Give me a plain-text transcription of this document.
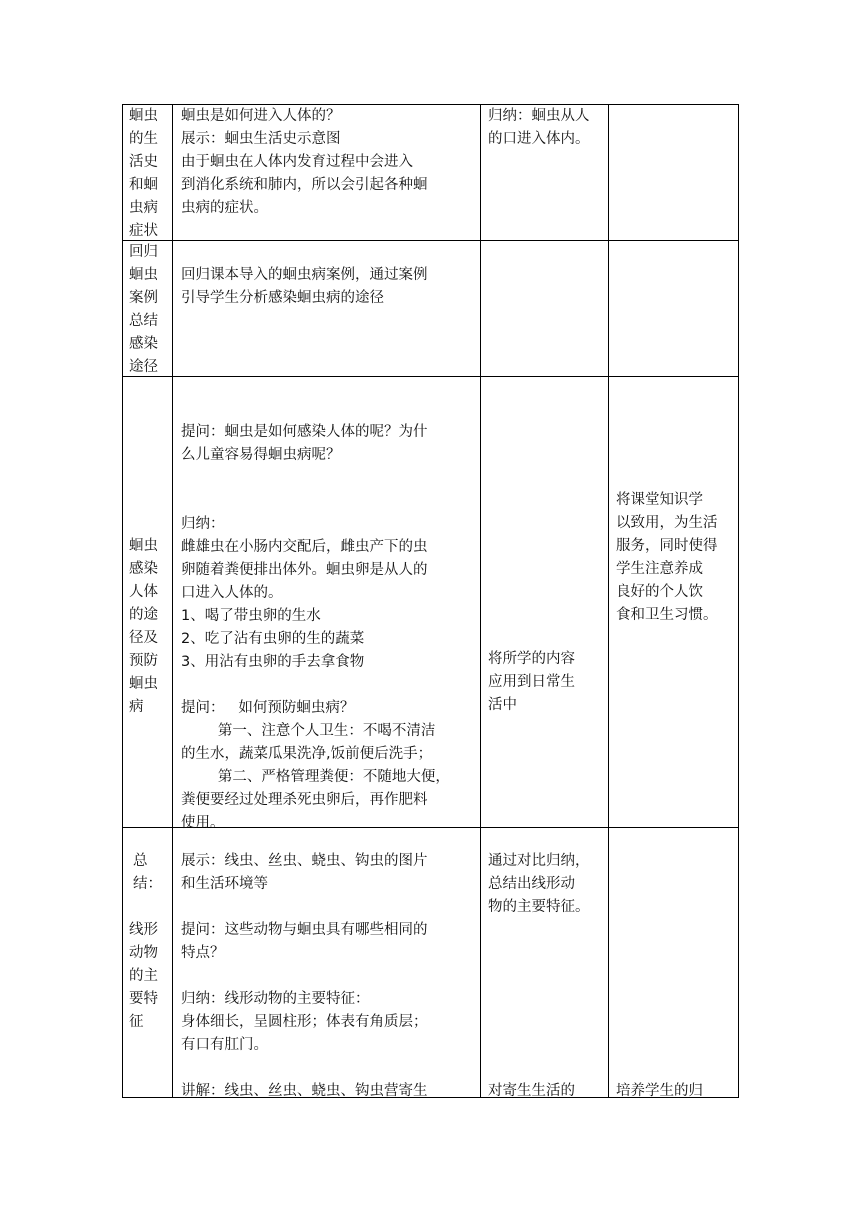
蛔虫
的生
活史
和蛔
虫病
症状
蛔虫是如何进入人体的？
展示：蛔虫生活史示意图
由于蛔虫在人体内发育过程中会进入
到消化系统和肺内，所以会引起各种蛔
虫病的症状。
归纳：蛔虫从人
的口进入体内。
回归
蛔虫
案例
总结
感染
途径
回归课本导入的蛔虫病案例，通过案例
引导学生分析感染蛔虫病的途径
蛔虫
感染
人体
的途
径及
预防
蛔虫
病
提问：蛔虫是如何感染人体的呢？为什
么儿童容易得蛔虫病呢？
归纳：
雌雄虫在小肠内交配后，雌虫产下的虫
卵随着粪便排出体外。蛔虫卵是从人的
口进入人体的。
1、喝了带虫卵的生水
2、吃了沾有虫卵的生的蔬菜
3、用沾有虫卵的手去拿食物
提问：   如何预防蛔虫病？
第一、注意个人卫生：不喝不清洁
的生水，蔬菜瓜果洗净,饭前便后洗手；
第二、严格管理粪便：不随地大便，
粪便要经过处理杀死虫卵后，再作肥料
使用。
将所学的内容
应用到日常生
活中
将课堂知识学
以致用，为生活
服务，同时使得
学生注意养成
良好的个人饮
食和卫生习惯。
总
结：
线形
动物
的主
要特
征
展示：线虫、丝虫、蛲虫、钩虫的图片
和生活环境等
提问：这些动物与蛔虫具有哪些相同的
特点？
归纳：线形动物的主要特征：
身体细长，呈圆柱形；体表有角质层；
有口有肛门。
讲解：线虫、丝虫、蛲虫、钩虫营寄生
通过对比归纳，
总结出线形动
物的主要特征。
对寄生生活的	培养学生的归
